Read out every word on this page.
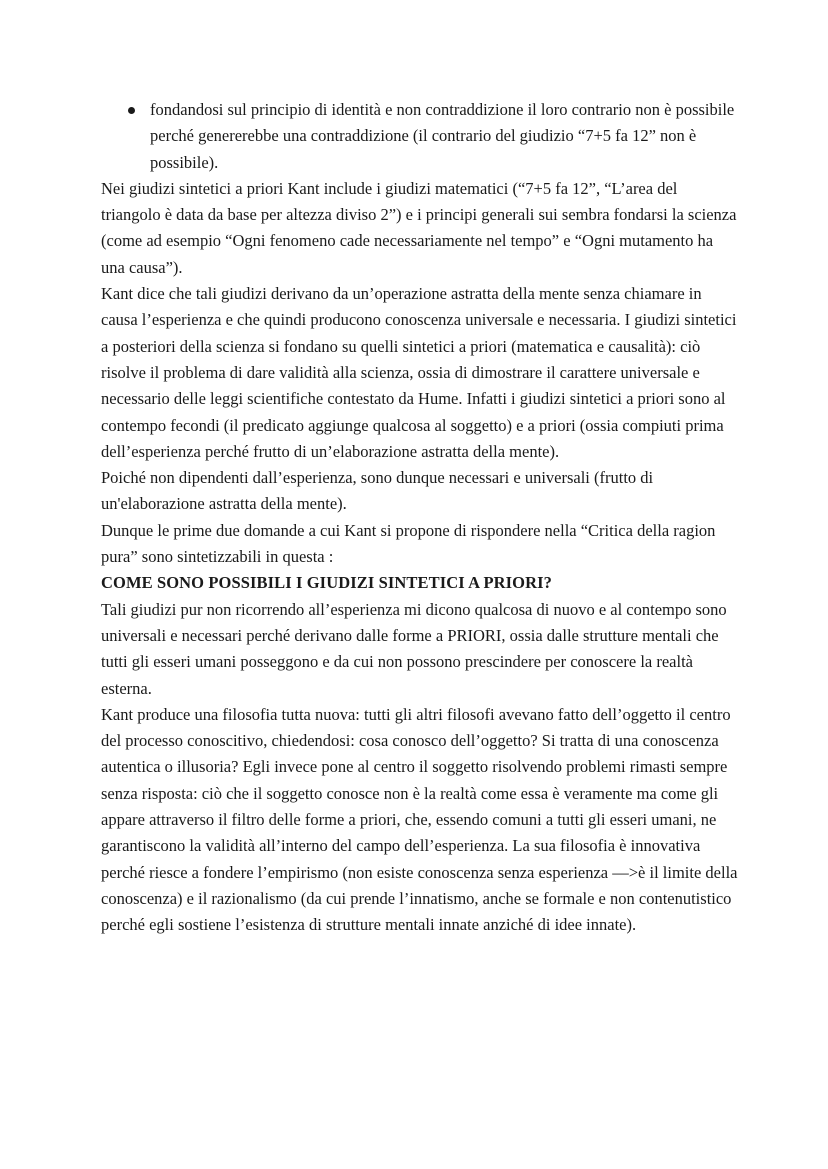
fondandosi sul principio di identità e non contraddizione il loro contrario non è possibile perché genererebbe una contraddizione (il contrario del giudizio “7+5 fa 12” non è possibile).

Nei giudizi sintetici a priori Kant include i giudizi matematici (“7+5 fa 12”, “L’area del triangolo è data da base per altezza diviso 2”) e i principi generali sui sembra fondarsi la scienza (come ad esempio “Ogni fenomeno cade necessariamente nel tempo” e “Ogni mutamento ha una causa”).

Kant dice che tali giudizi derivano da un’operazione astratta della mente senza chiamare in causa l’esperienza e che quindi producono conoscenza universale e necessaria. I giudizi sintetici a posteriori della scienza si fondano su quelli sintetici a priori (matematica e causalità): ciò risolve il problema di dare validità alla scienza, ossia di dimostrare il carattere universale e necessario delle leggi scientifiche contestato da Hume. Infatti i giudizi sintetici a priori sono al contempo fecondi (il predicato aggiunge qualcosa al soggetto) e a priori (ossia compiuti prima dell’esperienza perché frutto di un’elaborazione astratta della mente).

Poiché non dipendenti dall’esperienza, sono dunque necessari e universali (frutto di un'elaborazione astratta della mente).

Dunque le prime due domande a cui Kant si propone di rispondere nella “Critica della ragion pura” sono sintetizzabili in questa :

COME SONO POSSIBILI I GIUDIZI SINTETICI A PRIORI?

Tali giudizi pur non ricorrendo all’esperienza mi dicono qualcosa di nuovo e al contempo sono universali e necessari perché derivano dalle forme a PRIORI, ossia dalle strutture mentali che tutti gli esseri umani posseggono e da cui non possono prescindere per conoscere la realtà esterna.

Kant produce una filosofia tutta nuova: tutti gli altri filosofi avevano fatto dell’oggetto il centro del processo conoscitivo, chiedendosi: cosa conosco dell’oggetto? Si tratta di una conoscenza autentica o illusoria? Egli invece pone al centro il soggetto risolvendo problemi rimasti sempre senza risposta: ciò che il soggetto conosce non è la realtà come essa è veramente ma come gli appare attraverso il filtro delle forme a priori, che, essendo comuni a tutti gli esseri umani, ne garantiscono la validità all’interno del campo dell’esperienza. La sua filosofia è innovativa perché riesce a fondere l’empirismo (non esiste conoscenza senza esperienza —>è il limite della conoscenza) e il razionalismo (da cui prende l’innatismo, anche se formale e non contenutistico perché egli sostiene l’esistenza di strutture mentali innate anziché di idee innate).
